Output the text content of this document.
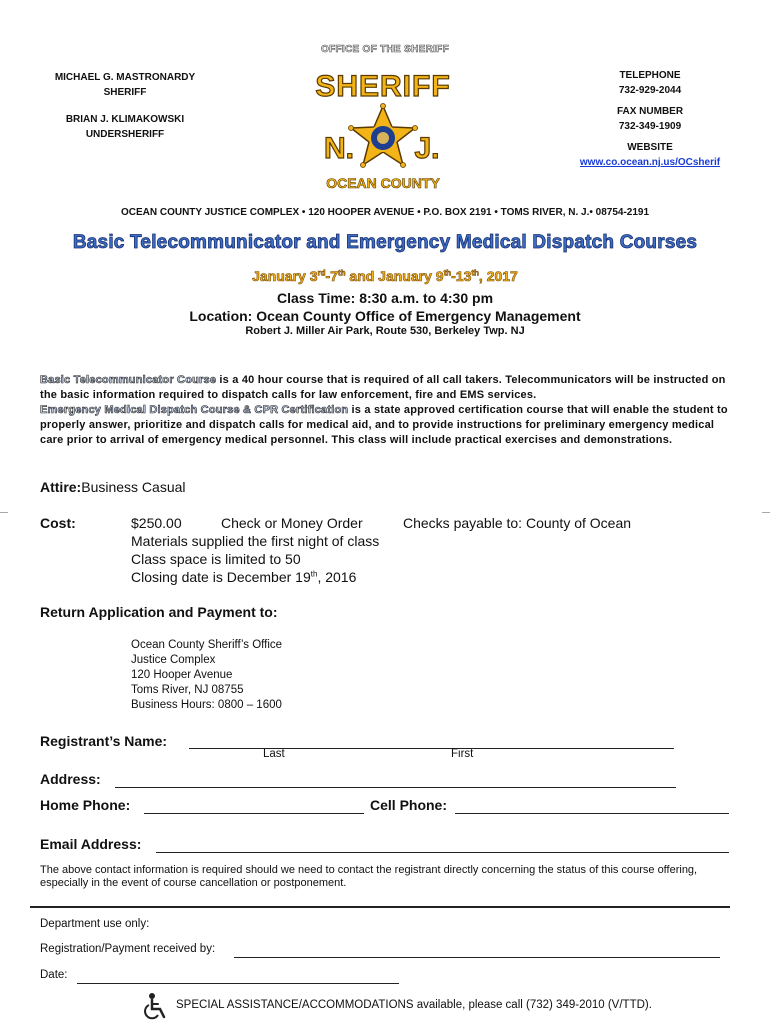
OFFICE OF THE SHERIFF
MICHAEL G. MASTRONARDY
SHERIFF
BRIAN J. KLIMAKOWSKI
UNDERSHERIFF
SHERIFF
N. J.
OCEAN COUNTY
TELEPHONE
732-929-2044
FAX NUMBER
732-349-1909
WEBSITE
www.co.ocean.nj.us/OCsherif
OCEAN COUNTY JUSTICE COMPLEX • 120 HOOPER AVENUE • P.O. BOX 2191 • TOMS RIVER, N. J.• 08754-2191
Basic Telecommunicator and Emergency Medical Dispatch Courses
January 3rd-7th and January 9th-13th, 2017
Class Time: 8:30 a.m. to 4:30 pm
Location: Ocean County Office of Emergency Management
Robert J. Miller Air Park, Route 530, Berkeley Twp. NJ
Basic Telecommunicator Course is a 40 hour course that is required of all call takers. Telecommunicators will be instructed on the basic information required to dispatch calls for law enforcement, fire and EMS services.
Emergency Medical Dispatch Course & CPR Certification is a state approved certification course that will enable the student to properly answer, prioritize and dispatch calls for medical aid, and to provide instructions for preliminary emergency medical care prior to arrival of emergency medical personnel. This class will include practical exercises and demonstrations.
Attire:Business Casual
Cost:	$250.00	Check or Money Order	Checks payable to: County of Ocean
Materials supplied the first night of class
Class space is limited to 50
Closing date is December 19th, 2016
Return Application and Payment to:
Ocean County Sheriff’s Office
Justice Complex
120 Hooper Avenue
Toms River, NJ 08755
Business Hours: 0800 – 1600
Registrant’s Name:
Last	First
Address:
Home Phone:	Cell Phone:
Email Address:
The above contact information is required should we need to contact the registrant directly concerning the status of this course offering, especially in the event of course cancellation or postponement.
Department use only:
Registration/Payment received by:
Date:
SPECIAL ASSISTANCE/ACCOMMODATIONS available, please call (732) 349-2010 (V/TTD).
